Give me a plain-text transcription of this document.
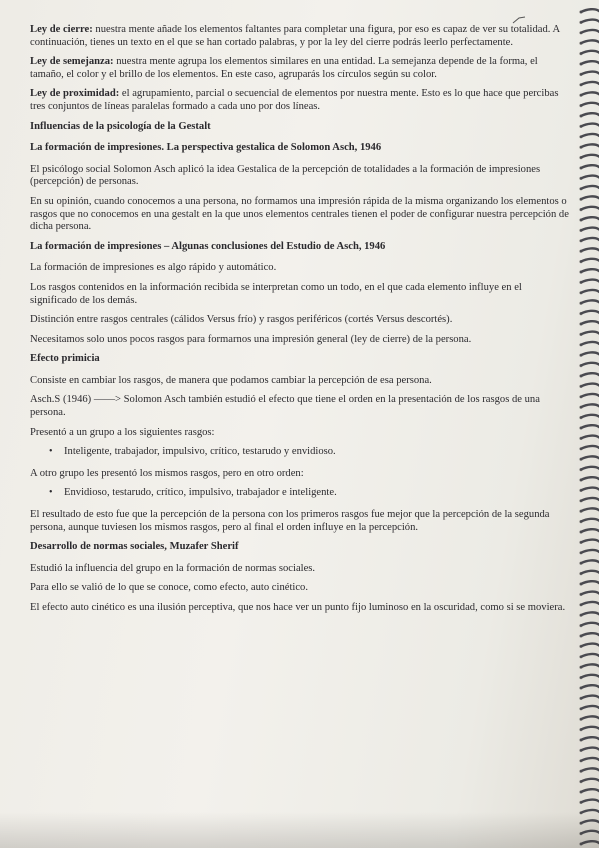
Ley de cierre: nuestra mente añade los elementos faltantes para completar una figura, por eso es capaz de ver su totalidad. A continuación, tienes un texto en el que se han cortado palabras, y por la ley del cierre podrás leerlo perfectamente.

Ley de semejanza: nuestra mente agrupa los elementos similares en una entidad. La semejanza depende de la forma, el tamaño, el color y el brillo de los elementos. En este caso, agruparás los círculos según su color.

Ley de proximidad: el agrupamiento, parcial o secuencial de elementos por nuestra mente. Esto es lo que hace que percibas tres conjuntos de líneas paralelas formado a cada uno por dos líneas.

Influencias de la psicología de la Gestalt

La formación de impresiones. La perspectiva gestalica de Solomon Asch, 1946

El psicólogo social Solomon Asch aplicó la idea Gestalica de la percepción de totalidades a la formación de impresiones (percepción) de personas.

En su opinión, cuando conocemos a una persona, no formamos una impresión rápida de la misma organizando los elementos o rasgos que no conocemos en una gestalt en la que unos elementos centrales tienen el poder de configurar nuestra percepción de dicha persona.

La formación de impresiones – Algunas conclusiones del Estudio de Asch, 1946

La formación de impresiones es algo rápido y automático.

Los rasgos contenidos en la información recibida se interpretan como un todo, en el que cada elemento influye en el significado de los demás.

Distinción entre rasgos centrales (cálidos Versus frío) y rasgos periféricos (cortés Versus descortés).

Necesitamos solo unos pocos rasgos para formarnos una impresión general (ley de cierre) de la persona.

Efecto primicia

Consiste en cambiar los rasgos, de manera que podamos cambiar la percepción de esa persona.

Asch.S (1946) ——> Solomon Asch también estudió el efecto que tiene el orden en la presentación de los rasgos de una persona.

Presentó a un grupo a los siguientes rasgos:

• Inteligente, trabajador, impulsivo, crítico, testarudo y envidioso.

A otro grupo les presentó los mismos rasgos, pero en otro orden:

• Envidioso, testarudo, crítico, impulsivo, trabajador e inteligente.

El resultado de esto fue que la percepción de la persona con los primeros rasgos fue mejor que la percepción de la segunda persona, aunque tuviesen los mismos rasgos, pero al final el orden influye en la percepción.

Desarrollo de normas sociales, Muzafer Sherif

Estudió la influencia del grupo en la formación de normas sociales.

Para ello se valió de lo que se conoce, como efecto, auto cinético.

El efecto auto cinético es una ilusión perceptiva, que nos hace ver un punto fijo luminoso en la oscuridad, como si se moviera.
